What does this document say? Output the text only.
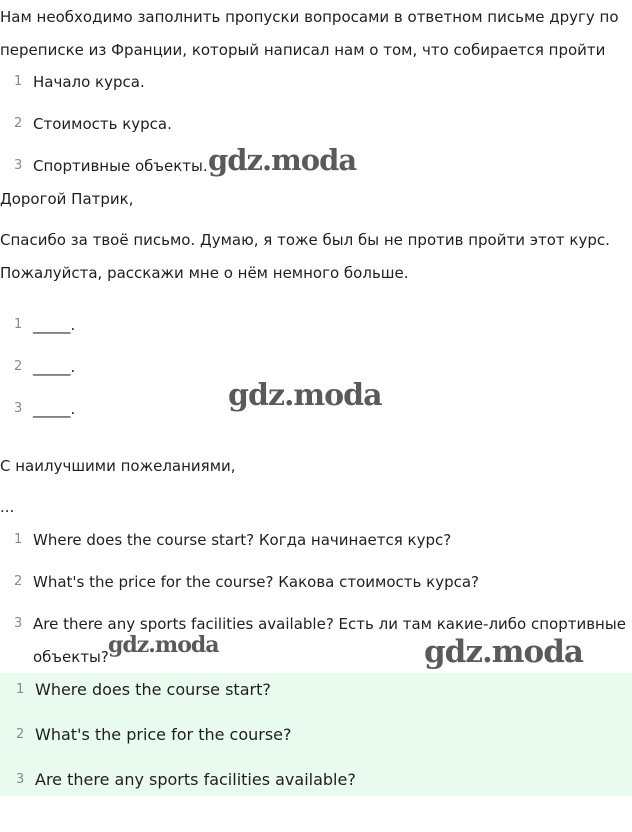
Нам необходимо заполнить пропуски вопросами в ответном письме другу по
переписке из Франции, который написал нам о том, что собирается пройти
1 Начало курса.
2 Стоимость курса.
3 Спортивные объекты.
Дорогой Патрик,
Спасибо за твоё письмо. Думаю, я тоже был бы не против пройти этот курс.
Пожалуйста, расскажи мне о нём немного больше.
1 _____.
2 _____.
3 _____.
С наилучшими пожеланиями,
...
1 Where does the course start? Когда начинается курс?
2 What's the price for the course? Какова стоимость курса?
3 Are there any sports facilities available? Есть ли там какие-либо спортивные
объекты?
1 Where does the course start?
2 What's the price for the course?
3 Are there any sports facilities available?
gdz.moda
gdz.moda
gdz.moda	gdz.moda
